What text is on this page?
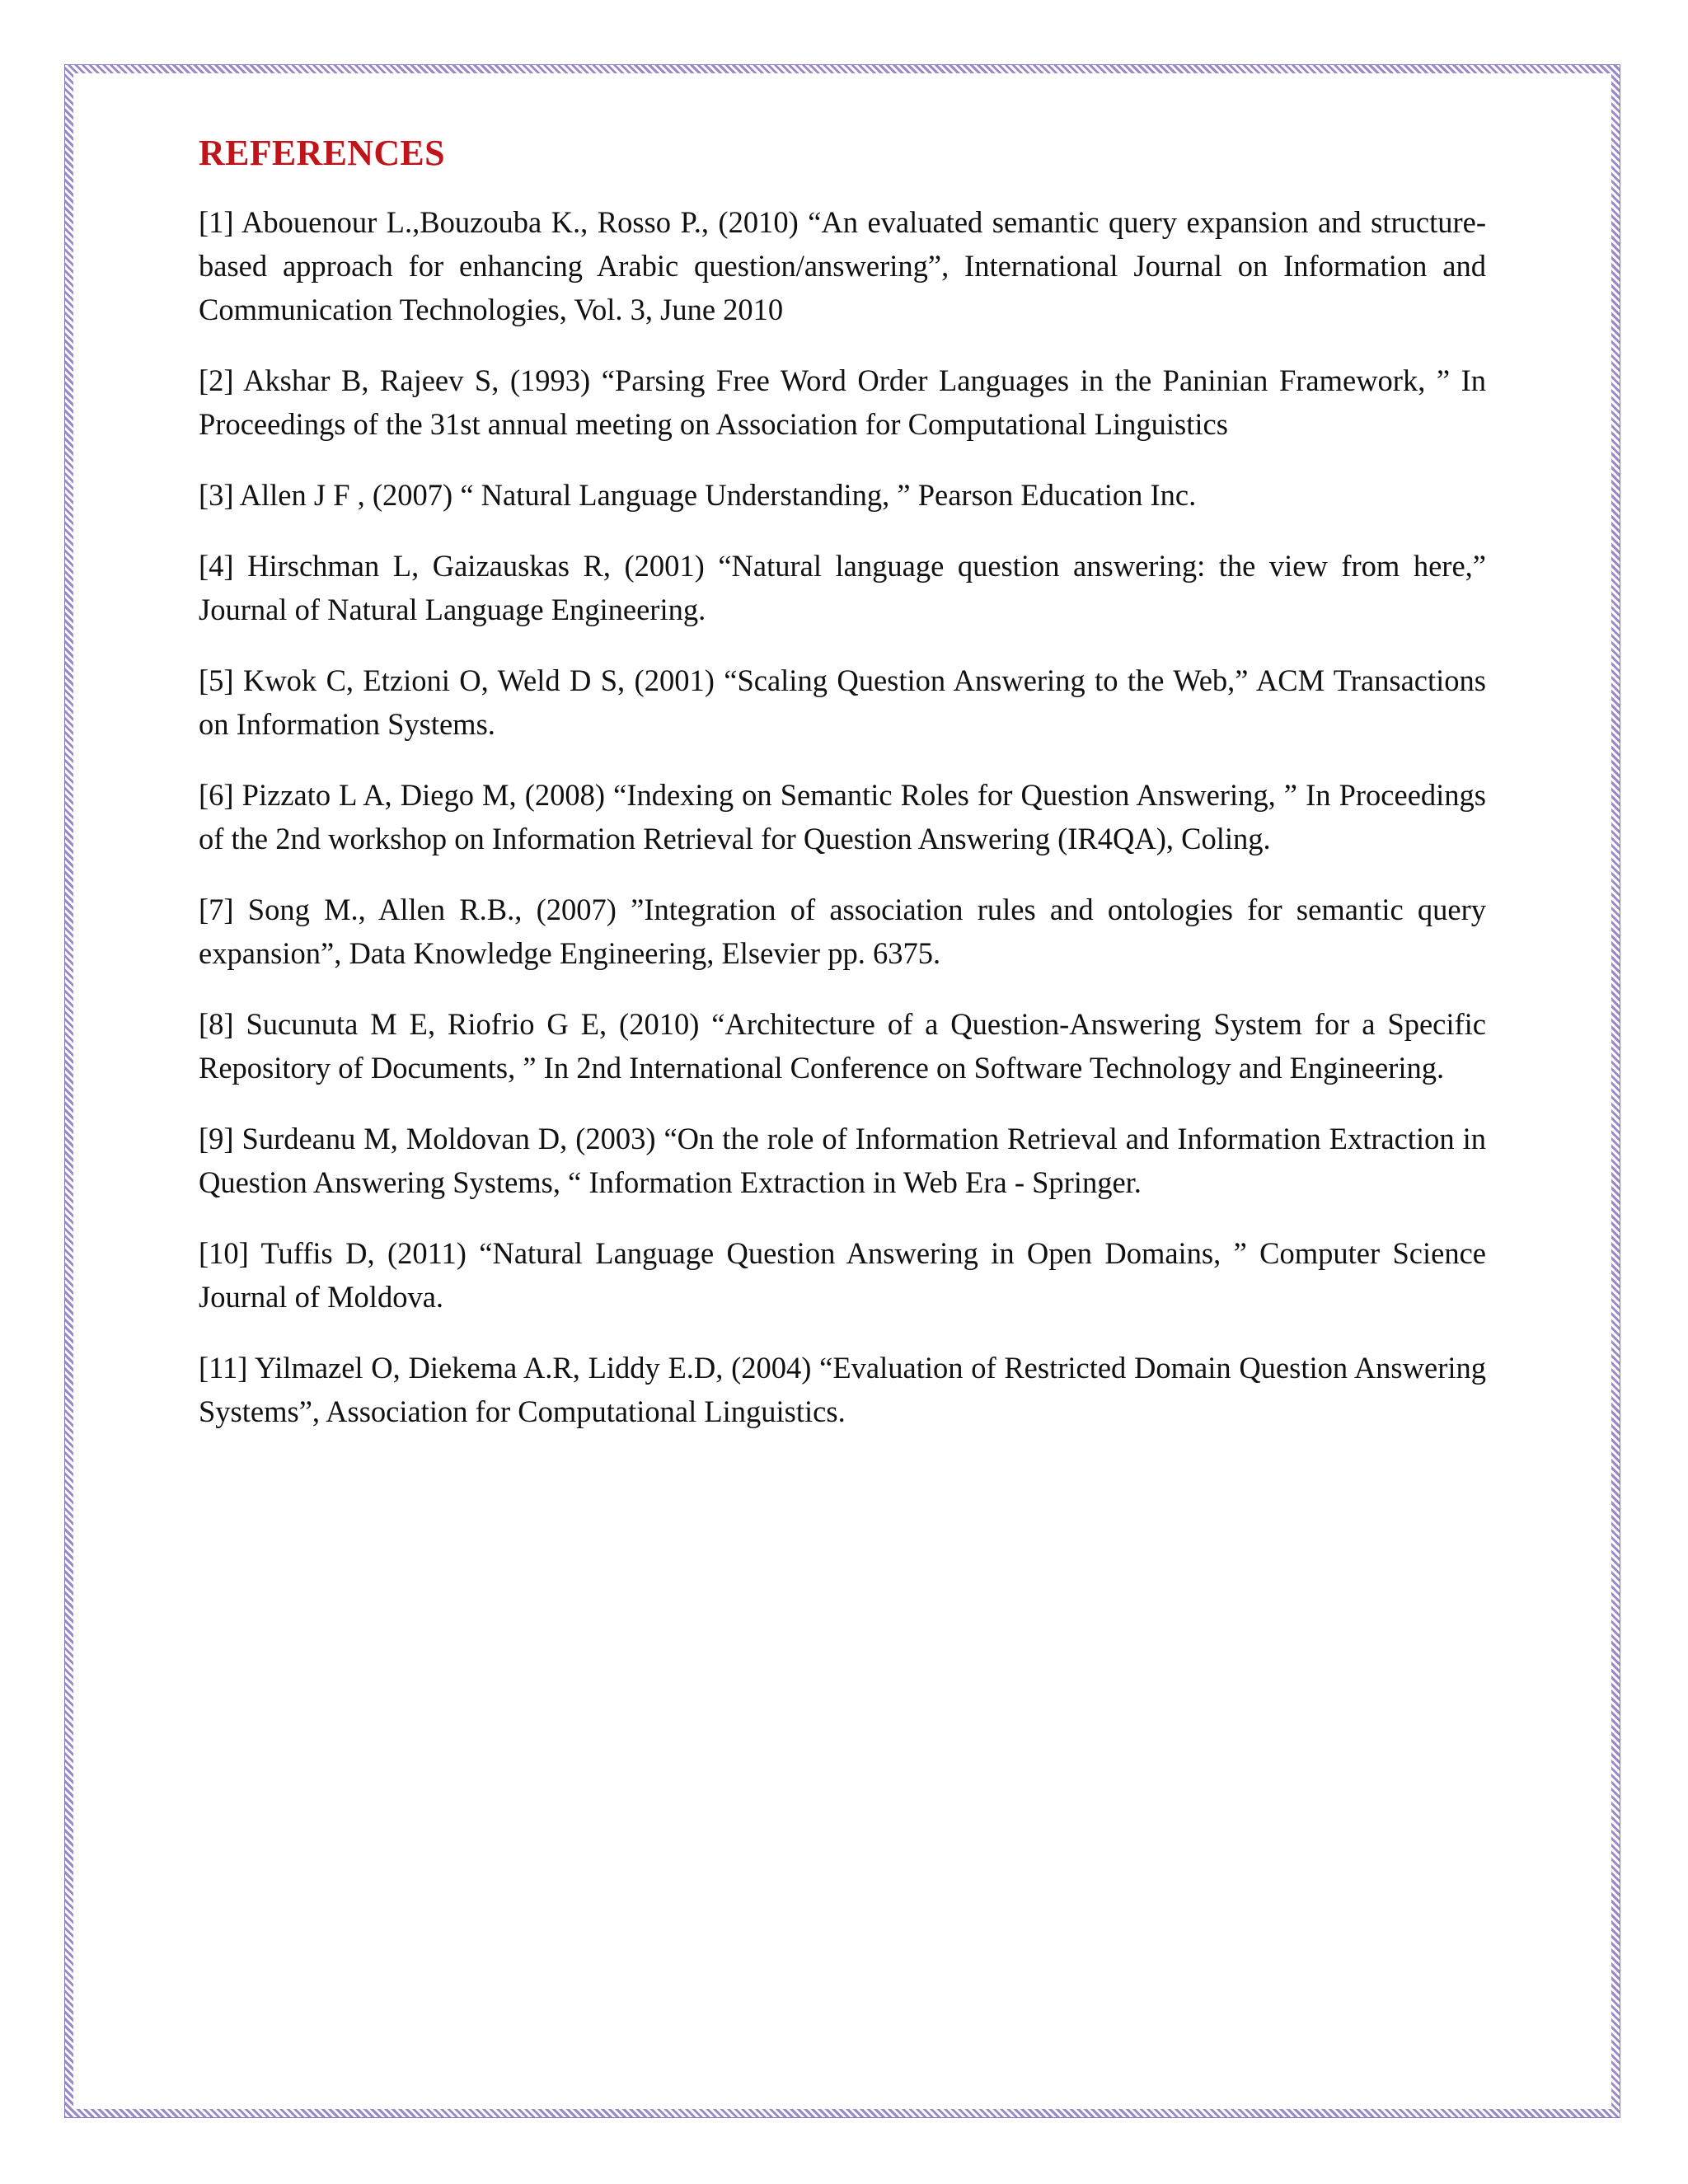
REFERENCES

[1] Abouenour L.,Bouzouba K., Rosso P., (2010) “An evaluated semantic query expansion and structure-based approach for enhancing Arabic question/answering”, International Journal on Information and Communication Technologies, Vol. 3, June 2010

[2] Akshar B, Rajeev S, (1993) “Parsing Free Word Order Languages in the Paninian Framework, ” In Proceedings of the 31st annual meeting on Association for Computational Linguistics

[3] Allen J F , (2007) “ Natural Language Understanding, ” Pearson Education Inc.

[4] Hirschman L, Gaizauskas R, (2001) “Natural language question answering: the view from here,” Journal of Natural Language Engineering.

[5] Kwok C, Etzioni O, Weld D S, (2001) “Scaling Question Answering to the Web,” ACM Transactions on Information Systems.

[6] Pizzato L A, Diego M, (2008) “Indexing on Semantic Roles for Question Answering, ” In Proceedings of the 2nd workshop on Information Retrieval for Question Answering (IR4QA), Coling.

[7] Song M., Allen R.B., (2007) ”Integration of association rules and ontologies for semantic query expansion”, Data Knowledge Engineering, Elsevier pp. 6375.

[8] Sucunuta M E, Riofrio G E, (2010) “Architecture of a Question-Answering System for a Specific Repository of Documents, ” In 2nd International Conference on Software Technology and Engineering.

[9] Surdeanu M, Moldovan D, (2003) “On the role of Information Retrieval and Information Extraction in Question Answering Systems, “ Information Extraction in Web Era - Springer.

[10] Tuffis D, (2011) “Natural Language Question Answering in Open Domains, ” Computer Science Journal of Moldova.

[11] Yilmazel O, Diekema A.R, Liddy E.D, (2004) “Evaluation of Restricted Domain Question Answering Systems”, Association for Computational Linguistics.
